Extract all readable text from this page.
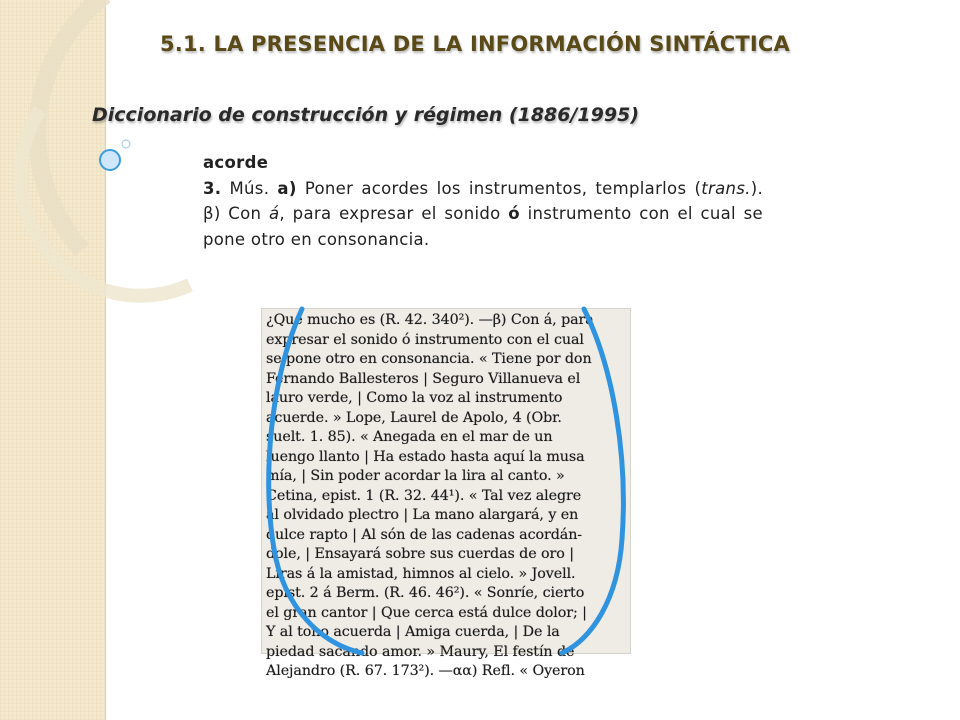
5.1. LA PRESENCIA DE LA INFORMACIÓN SINTÁCTICA
Diccionario de construcción y régimen (1886/1995)
acorde
3. Mús. a) Poner acordes los instrumentos, templarlos (trans.). β) Con á, para expresar el sonido ó instrumento con el cual se pone otro en consonancia.
¿Qué mucho es (R. 42. 340²). —β) Con á, para
expresar el sonido ó instrumento con el cual
se pone otro en consonancia. « Tiene por don
Fernando Ballesteros | Seguro Villanueva el
lauro verde, | Como la voz al instrumento
acuerde. » Lope, Laurel de Apolo, 4 (Obr.
suelt. 1. 85). « Anegada en el mar de un
luengo llanto | Ha estado hasta aquí la musa
mía, | Sin poder acordar la lira al canto. »
Cetina, epist. 1 (R. 32. 44¹). « Tal vez alegre
al olvidado plectro | La mano alargará, y en
dulce rapto | Al són de las cadenas acordán-
dole, | Ensayará sobre sus cuerdas de oro |
Liras á la amistad, himnos al cielo. » Jovell.
epist. 2 á Berm. (R. 46. 46²). « Sonríe, cierto
el gran cantor | Que cerca está dulce dolor; |
Y al tono acuerda | Amiga cuerda, | De la
piedad sacando amor. » Maury, El festín de
Alejandro (R. 67. 173²). —αα) Refl. « Oyeron
